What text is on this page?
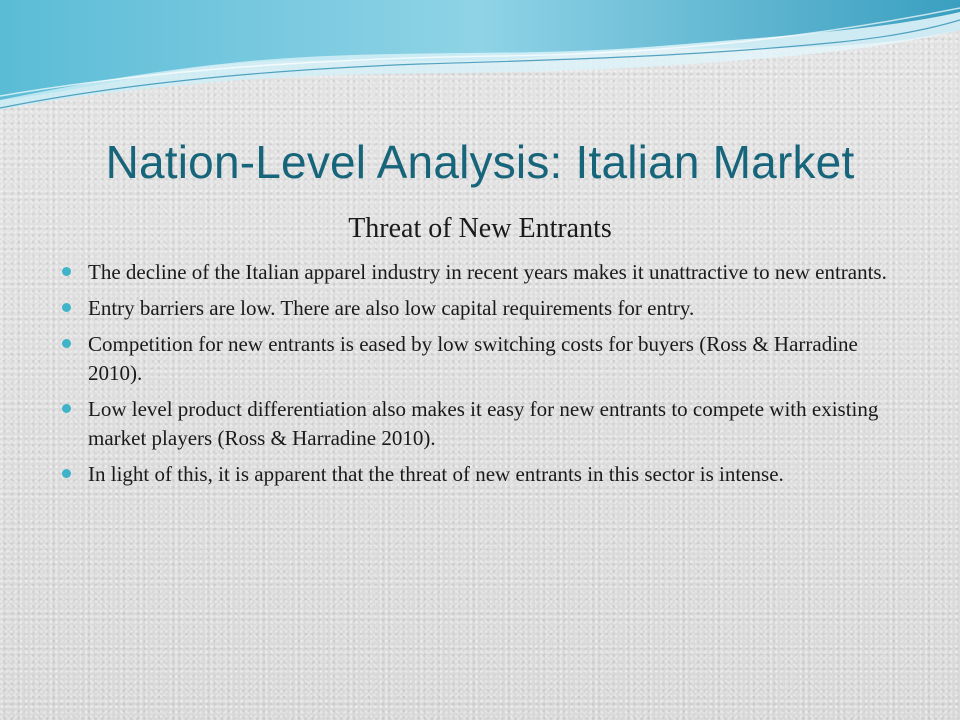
Nation-Level Analysis: Italian Market
Threat of New Entrants
The decline of the Italian apparel industry in recent years makes it unattractive to new entrants.
Entry barriers are low. There are also low capital requirements for entry.
Competition for new entrants is eased by low switching costs for buyers (Ross & Harradine 2010).
Low level product differentiation also makes it easy for new entrants to compete with existing market players (Ross & Harradine 2010).
In light of this, it is apparent that the threat of new entrants in this sector is intense.
